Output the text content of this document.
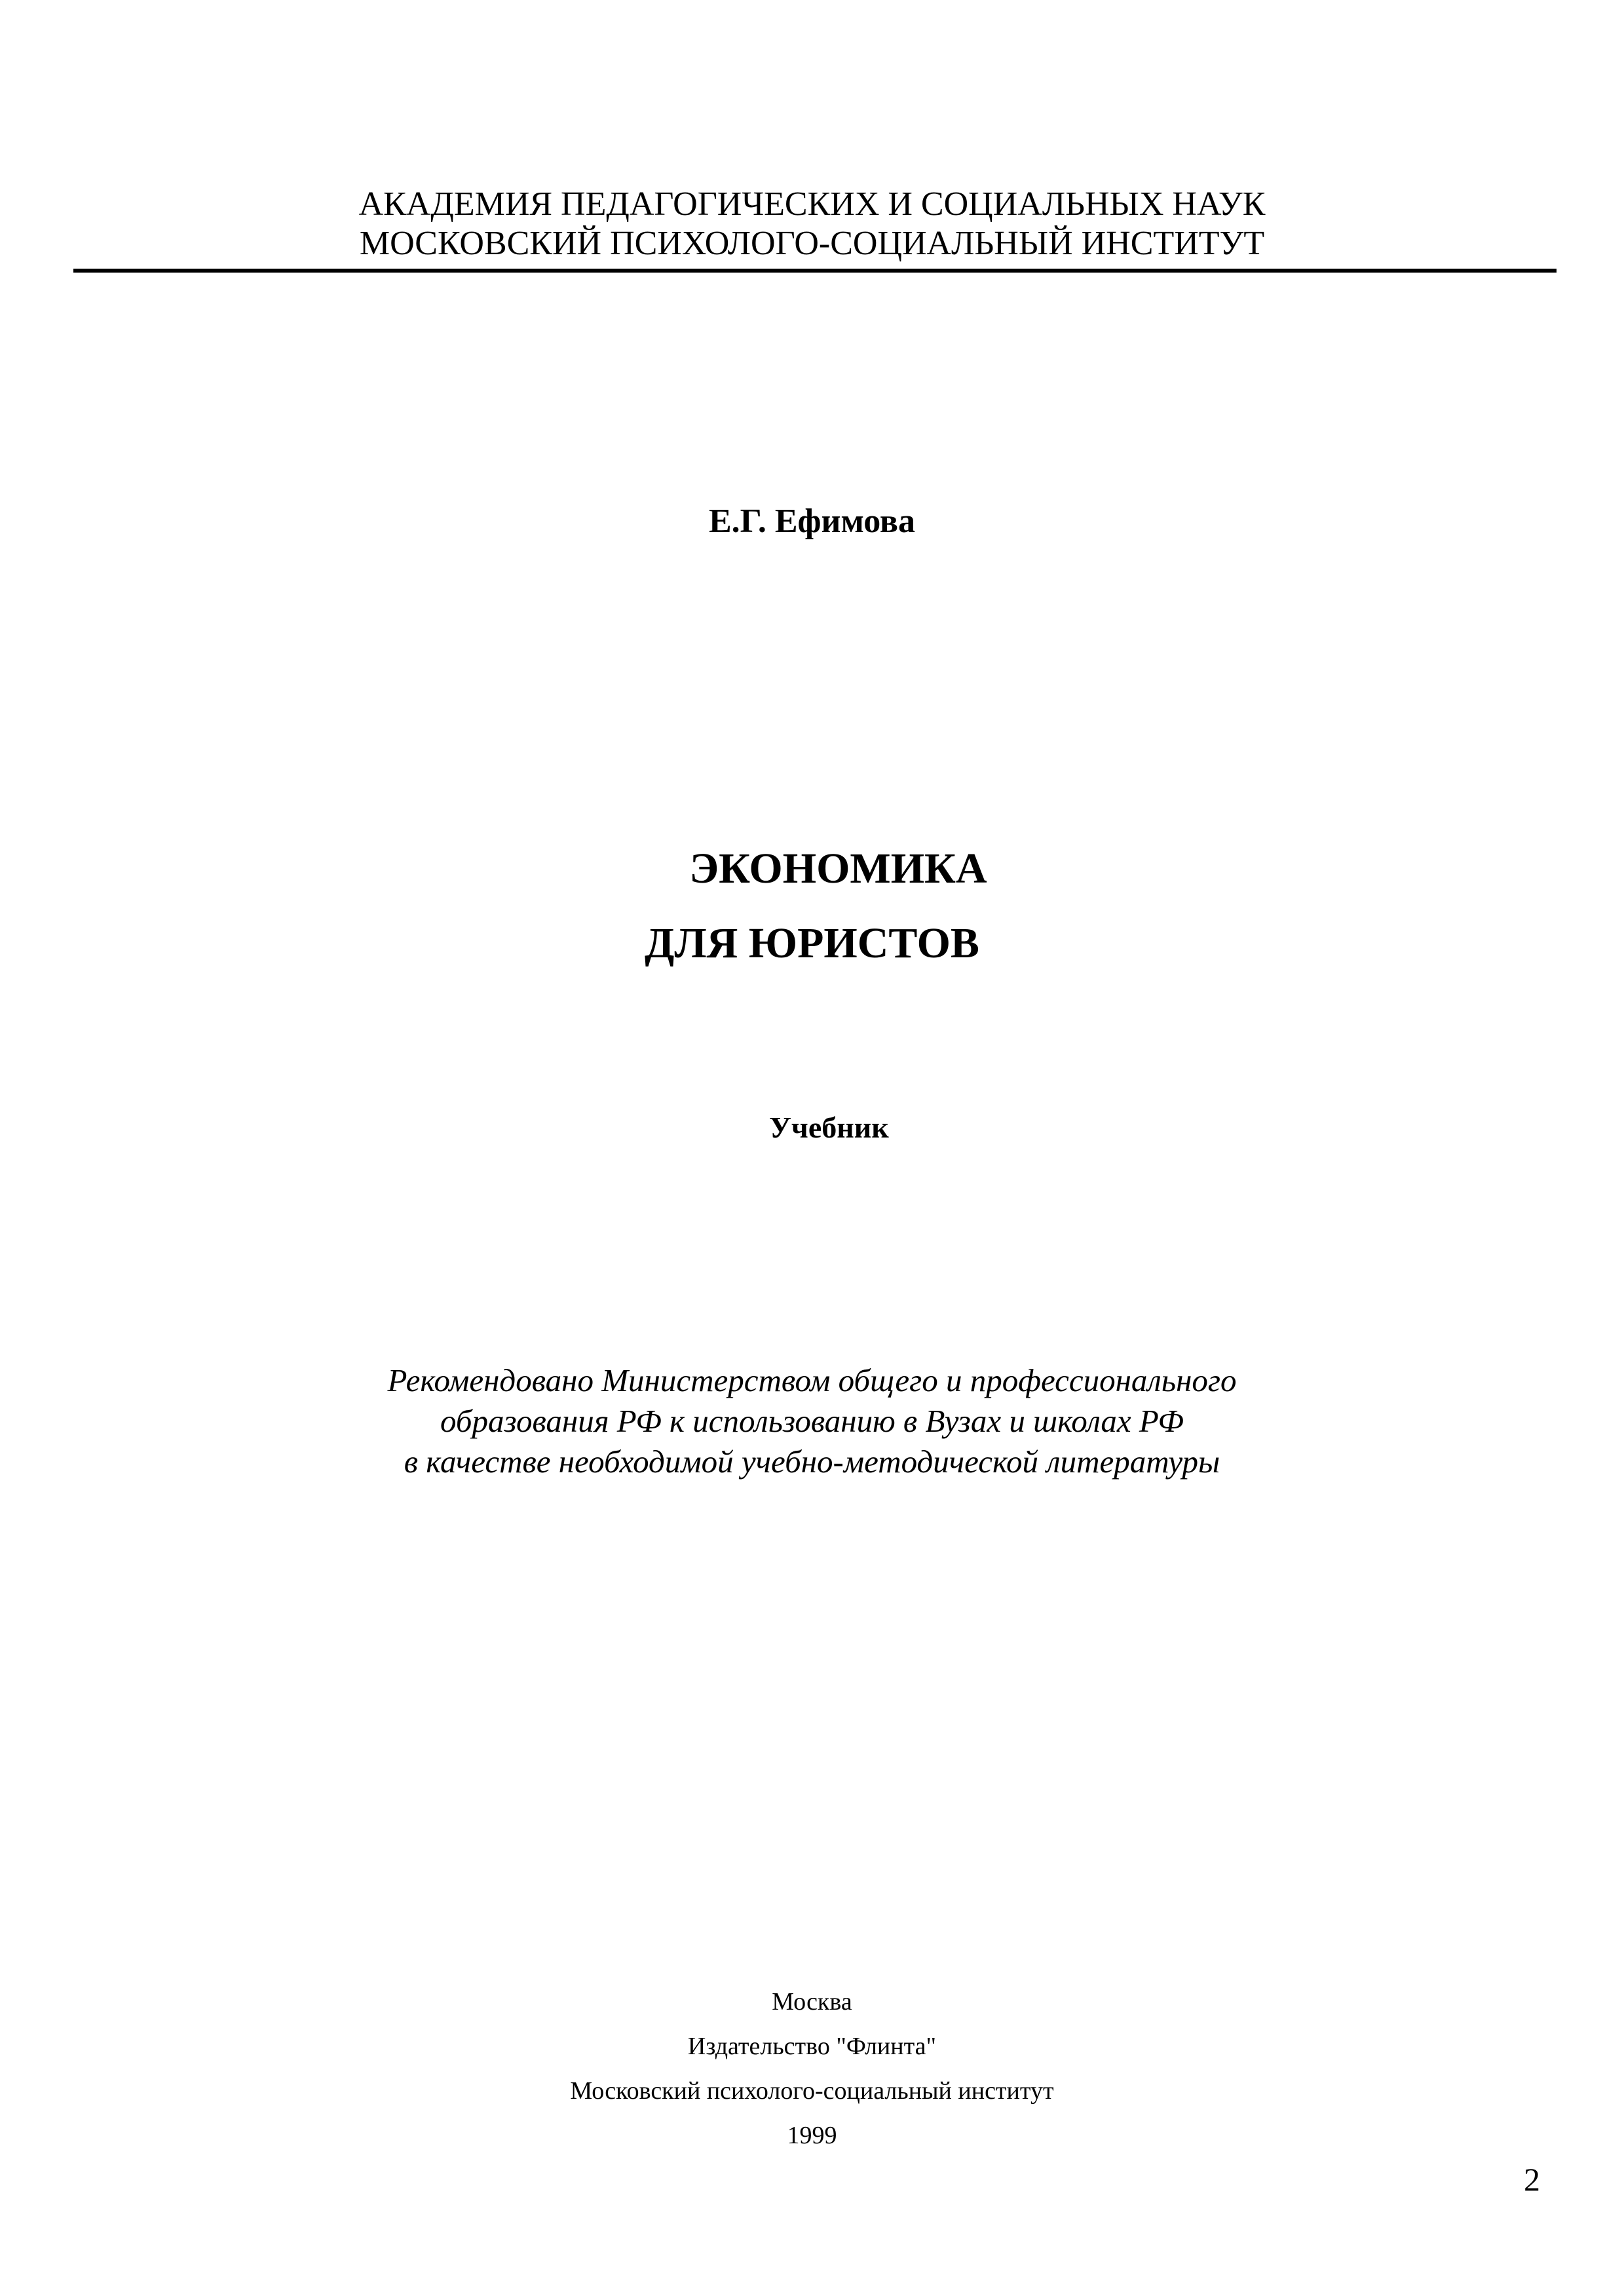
АКАДЕМИЯ ПЕДАГОГИЧЕСКИХ И СОЦИАЛЬНЫХ НАУК
МОСКОВСКИЙ ПСИХОЛОГО-СОЦИАЛЬНЫЙ ИНСТИТУТ
Е.Г. Ефимова
ЭКОНОМИКА
ДЛЯ ЮРИСТОВ
Учебник
Рекомендовано Министерством общего и профессионального
образования РФ к использованию в Вузах и школах РФ
в качестве необходимой учебно-методической литературы
Москва
Издательство "Флинта"
Московский психолого-социальный институт
1999
2
